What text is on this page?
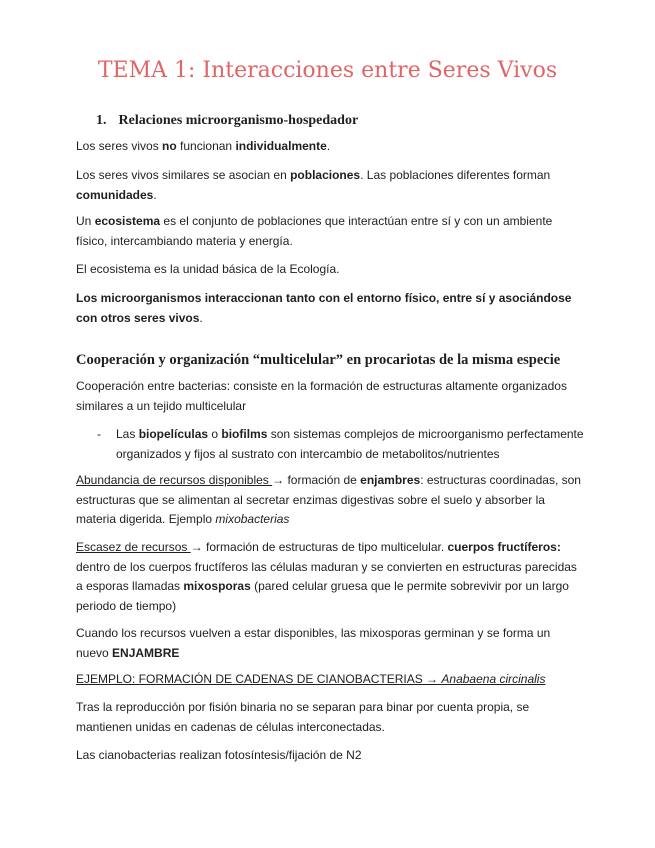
TEMA 1: Interacciones entre Seres Vivos
1. Relaciones microorganismo-hospedador

Los seres vivos no funcionan individualmente.

Los seres vivos similares se asocian en poblaciones. Las poblaciones diferentes forman comunidades.

Un ecosistema es el conjunto de poblaciones que interactúan entre sí y con un ambiente físico, intercambiando materia y energía.

El ecosistema es la unidad básica de la Ecología.

Los microorganismos interaccionan tanto con el entorno físico, entre sí y asociándose con otros seres vivos.

Cooperación y organización “multicelular” en procariotas de la misma especie

Cooperación entre bacterias: consiste en la formación de estructuras altamente organizados similares a un tejido multicelular

- Las biopelículas o biofilms son sistemas complejos de microorganismo perfectamente organizados y fijos al sustrato con intercambio de metabolitos/nutrientes

Abundancia de recursos disponibles → formación de enjambres: estructuras coordinadas, son estructuras que se alimentan al secretar enzimas digestivas sobre el suelo y absorber la materia digerida. Ejemplo mixobacterias

Escasez de recursos → formación de estructuras de tipo multicelular. cuerpos fructíferos: dentro de los cuerpos fructíferos las células maduran y se convierten en estructuras parecidas a esporas llamadas mixosporas (pared celular gruesa que le permite sobrevivir por un largo periodo de tiempo)

Cuando los recursos vuelven a estar disponibles, las mixosporas germinan y se forma un nuevo ENJAMBRE

EJEMPLO: FORMACIÓN DE CADENAS DE CIANOBACTERIAS → Anabaena circinalis

Tras la reproducción por fisión binaria no se separan para binar por cuenta propia, se mantienen unidas en cadenas de células interconectadas.

Las cianobacterias realizan fotosíntesis/fijación de N2
